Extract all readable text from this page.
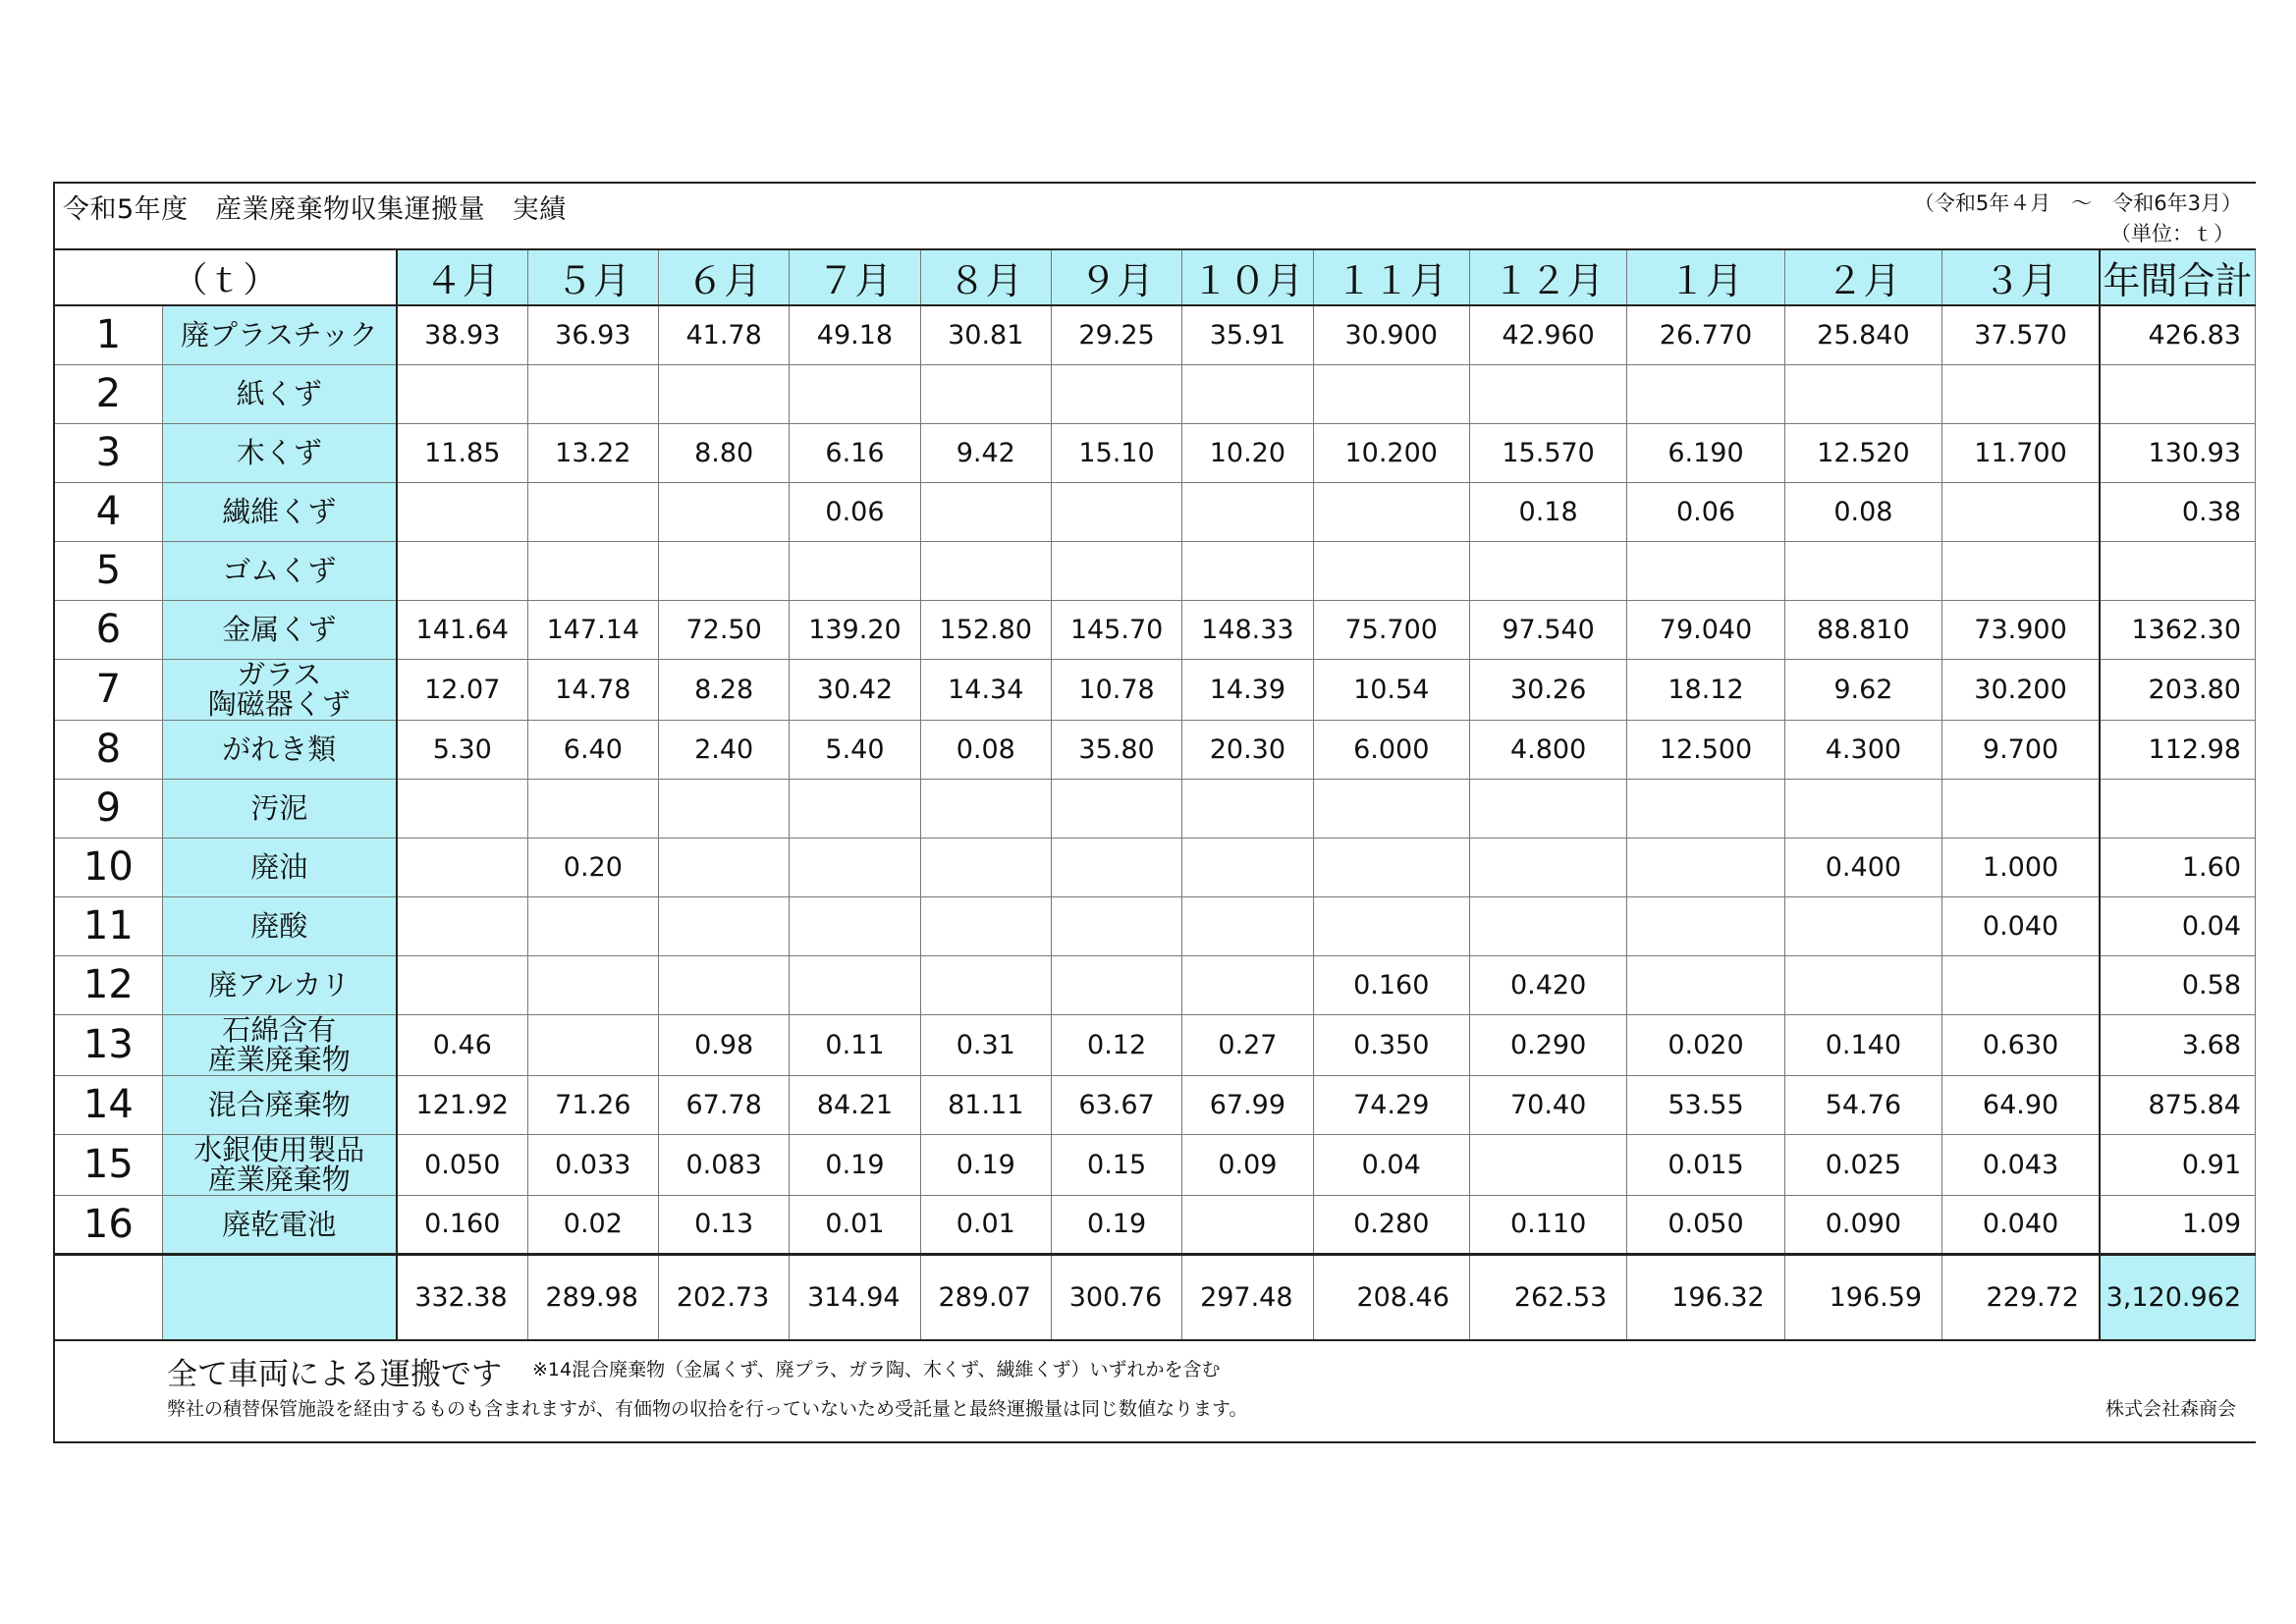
令和5年度　産業廃棄物収集運搬量　実績	（令和5年４月　～　令和6年3月）
（単位：ｔ）
（ｔ）		４月	５月	６月	７月	８月	９月	１０月	１１月	１２月	１月	２月	３月	年間合計
1	廃プラスチック	38.93	36.93	41.78	49.18	30.81	29.25	35.91	30.900	42.960	26.770	25.840	37.570	426.83
2	紙くず													

3	木くず	11.85	13.22	8.80	6.16	9.42	15.10	10.20	10.200	15.570	6.190	12.520	11.700	130.93
4	繊維くず				0.06					0.18	0.06	0.08		0.38
5	ゴムくず													

6	金属くず	141.64	147.14	72.50	139.20	152.80	145.70	148.33	75.700	97.540	79.040	88.810	73.900	1362.30
7	ガラス
陶磁器くず	12.07	14.78	8.28	30.42	14.34	10.78	14.39	10.54	30.26	18.12	9.62	30.200	203.80
8	がれき類	5.30	6.40	2.40	5.40	0.08	35.80	20.30	6.000	4.800	12.500	4.300	9.700	112.98
9	汚泥													

10	廃油		0.20									0.400	1.000	1.60
11	廃酸												0.040	0.04
12	廃アルカリ								0.160	0.420				0.58
13	石綿含有
産業廃棄物	0.46		0.98	0.11	0.31	0.12	0.27	0.350	0.290	0.020	0.140	0.630	3.68
14	混合廃棄物	121.92	71.26	67.78	84.21	81.11	63.67	67.99	74.29	70.40	53.55	54.76	64.90	875.84
15	水銀使用製品
産業廃棄物	0.050	0.033	0.083	0.19	0.19	0.15	0.09	0.04		0.015	0.025	0.043	0.91
16	廃乾電池	0.160	0.02	0.13	0.01	0.01	0.19		0.280	0.110	0.050	0.090	0.040	1.09
		332.38	289.98	202.73	314.94	289.07	300.76	297.48	208.46	262.53	196.32	196.59	229.72	3,120.962
全て車両による運搬です ※14混合廃棄物（金属くず、廃プラ、ガラ陶、木くず、繊維くず）いずれかを含む
弊社の積替保管施設を経由するものも含まれますが、有価物の収拾を行っていないため受託量と最終運搬量は同じ数値なります。	株式会社森商会
